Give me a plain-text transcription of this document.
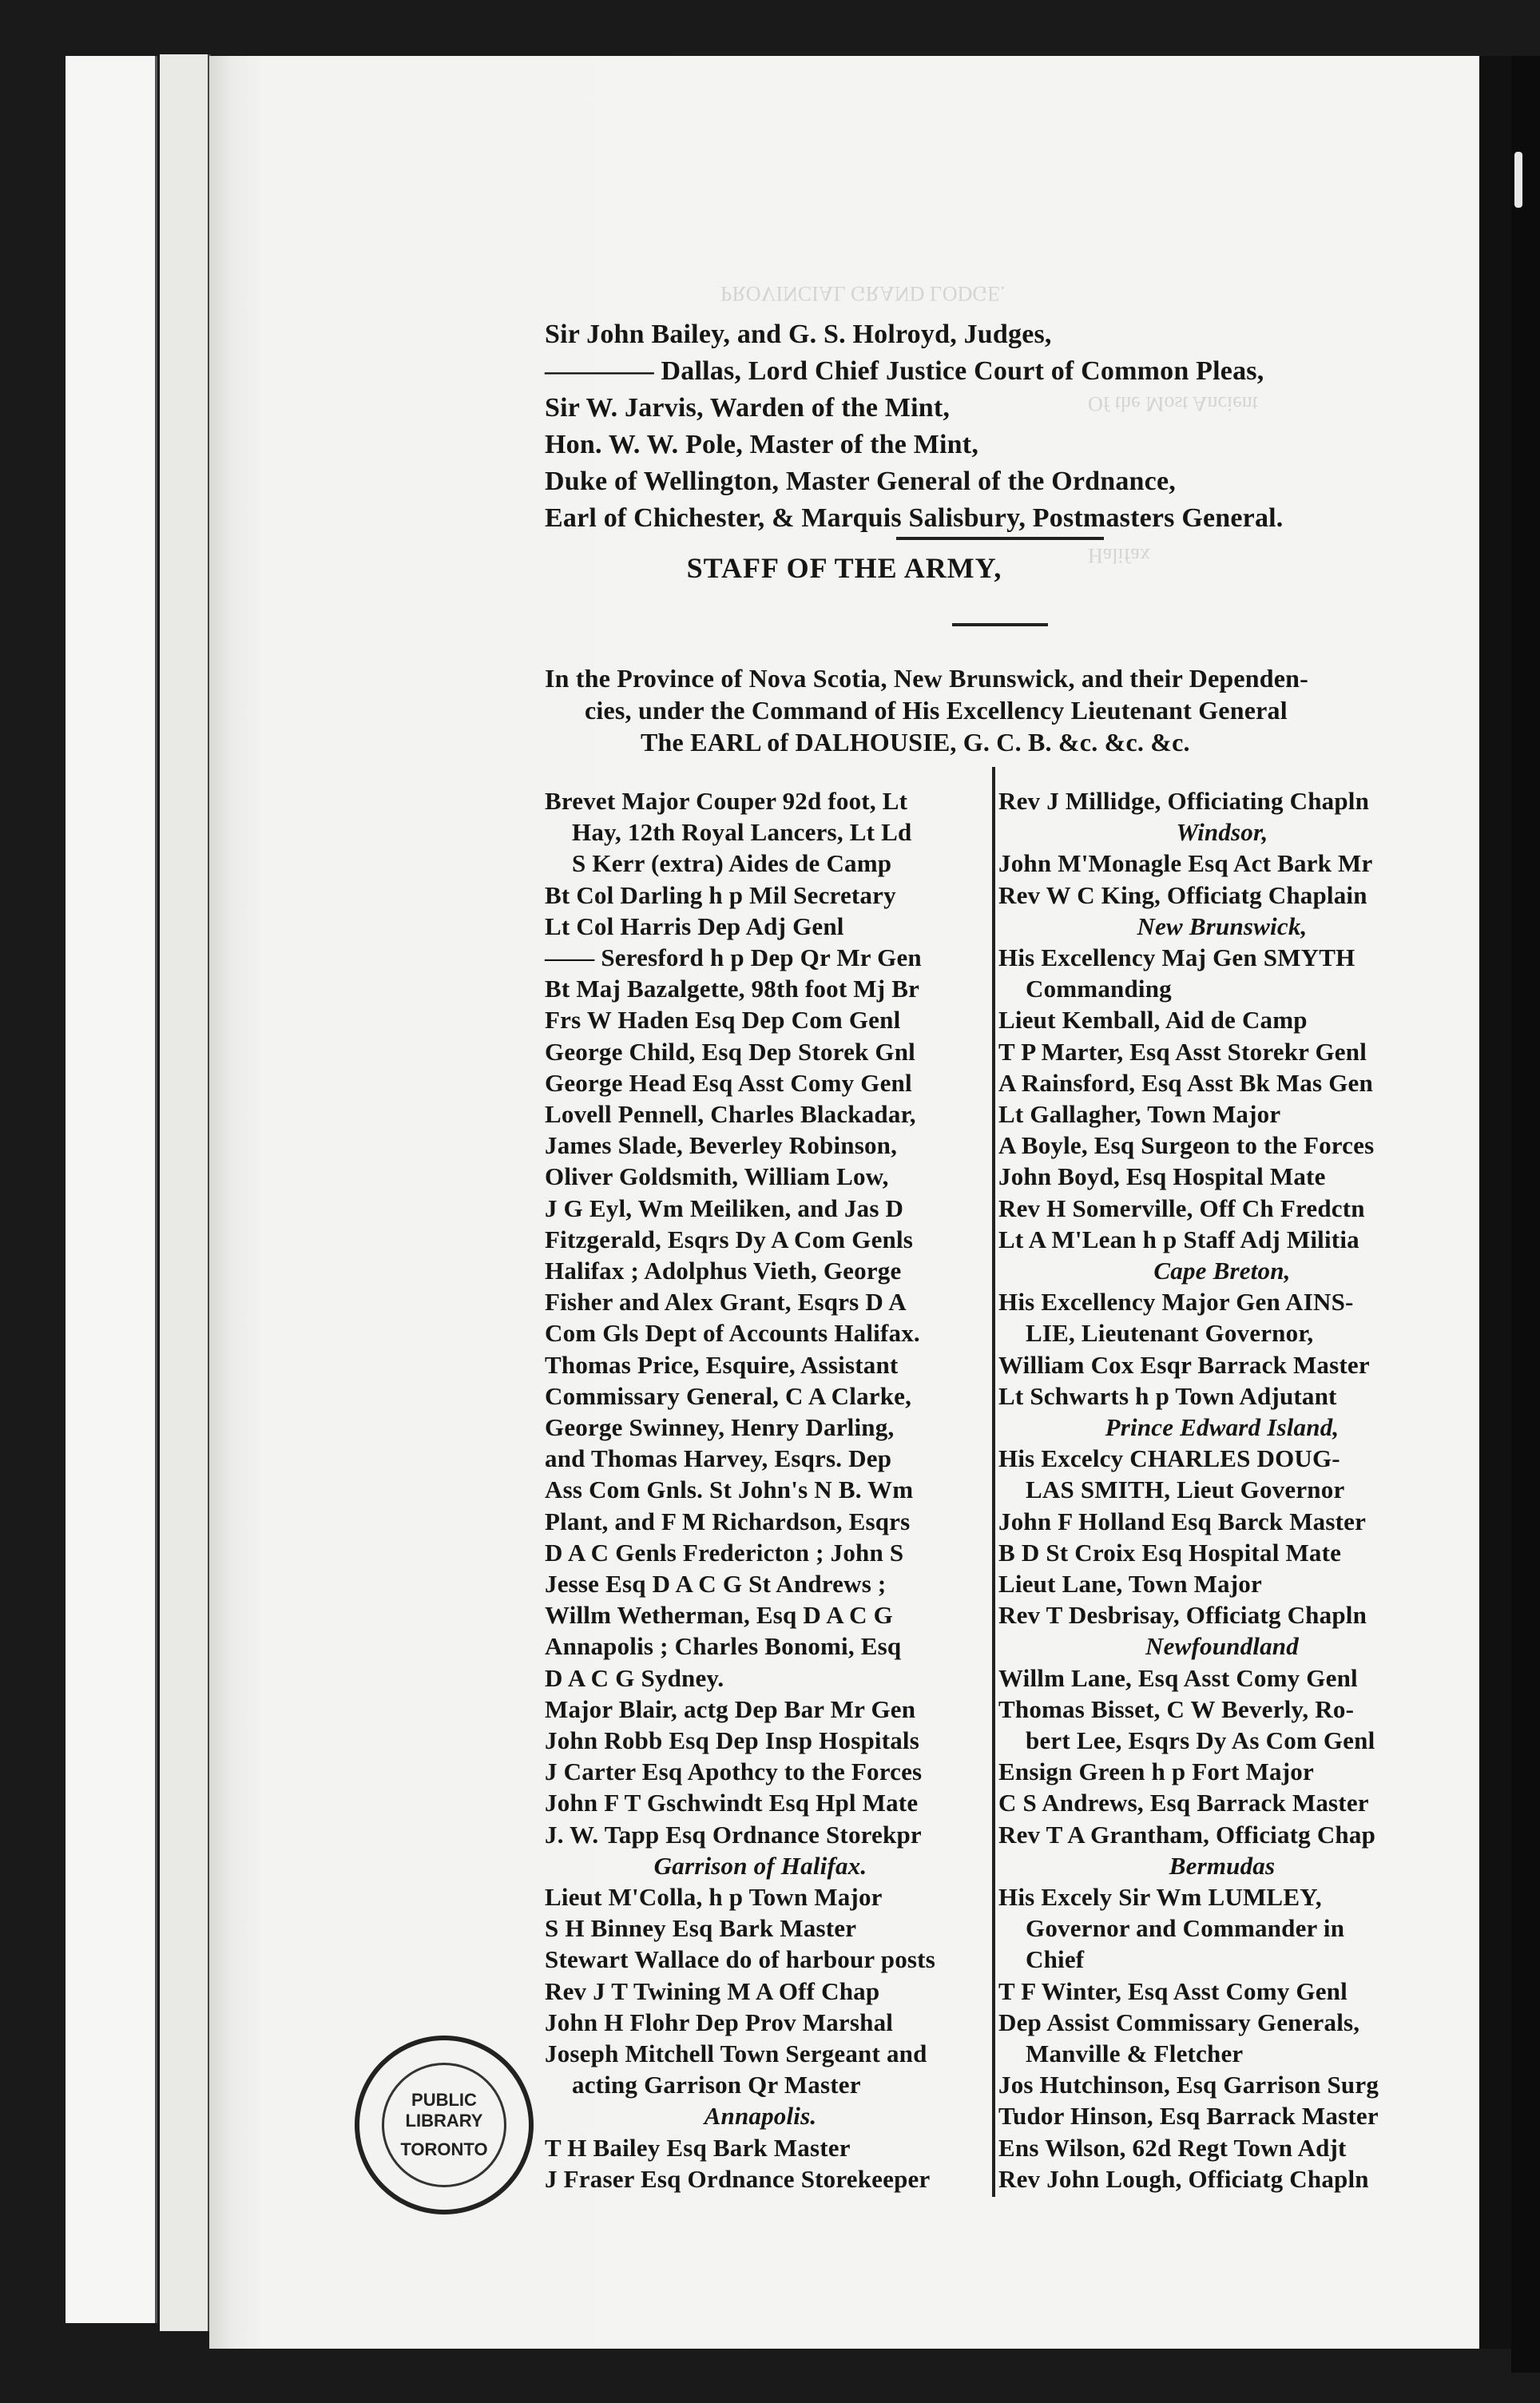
PROVINCIAL GRAND LODGE.
Of the Most Ancient
Halifax
Sir John Bailey, and G. S. Holroyd, Judges,
———— Dallas, Lord Chief Justice Court of Common Pleas,
Sir W. Jarvis, Warden of the Mint,
Hon. W. W. Pole, Master of the Mint,
Duke of Wellington, Master General of the Ordnance,
Earl of Chichester, & Marquis Salisbury, Postmasters General.
STAFF OF THE ARMY,
In the Province of Nova Scotia, New Brunswick, and their Dependen-
cies, under the Command of His Excellency Lieutenant General
The EARL of DALHOUSIE, G. C. B. &c. &c. &c.
Brevet Major Couper 92d foot, Lt
Hay, 12th Royal Lancers, Lt Ld
S Kerr (extra) Aides de Camp
Bt Col Darling h p Mil Secretary
Lt Col Harris Dep Adj Genl
—— Seresford h p Dep Qr Mr Gen
Bt Maj Bazalgette, 98th foot Mj Br
Frs W Haden Esq Dep Com Genl
George Child, Esq Dep Storek Gnl
George Head Esq Asst Comy Genl
Lovell Pennell, Charles Blackadar,
James Slade, Beverley Robinson,
Oliver Goldsmith, William Low,
J G Eyl, Wm Meiliken, and Jas D
Fitzgerald, Esqrs Dy A Com Genls
Halifax ; Adolphus Vieth, George
Fisher and Alex Grant, Esqrs D A
Com Gls Dept of Accounts Halifax.
Thomas Price, Esquire, Assistant
Commissary General, C A Clarke,
George Swinney, Henry Darling,
and Thomas Harvey, Esqrs. Dep
Ass Com Gnls. St John's N B. Wm
Plant, and F M Richardson, Esqrs
D A C Genls Fredericton ; John S
Jesse Esq D A C G St Andrews ;
Willm Wetherman, Esq D A C G
Annapolis ; Charles Bonomi, Esq
D A C G Sydney.
Major Blair, actg Dep Bar Mr Gen
John Robb Esq Dep Insp Hospitals
J Carter Esq Apothcy to the Forces
John F T Gschwindt Esq Hpl Mate
J. W. Tapp Esq Ordnance Storekpr
Garrison of Halifax.
Lieut M'Colla, h p Town Major
S H Binney Esq Bark Master
Stewart Wallace do of harbour posts
Rev J T Twining M A Off Chap
John H Flohr Dep Prov Marshal
Joseph Mitchell Town Sergeant and
acting Garrison Qr Master
Annapolis.
T H Bailey Esq Bark Master
J Fraser Esq Ordnance Storekeeper
Rev J Millidge, Officiating Chapln
Windsor,
John M'Monagle Esq Act Bark Mr
Rev W C King, Officiatg Chaplain
New Brunswick,
His Excellency Maj Gen SMYTH
Commanding
Lieut Kemball, Aid de Camp
T P Marter, Esq Asst Storekr Genl
A Rainsford, Esq Asst Bk Mas Gen
Lt Gallagher, Town Major
A Boyle, Esq Surgeon to the Forces
John Boyd, Esq Hospital Mate
Rev H Somerville, Off Ch Fredctn
Lt A M'Lean h p Staff Adj Militia
Cape Breton,
His Excellency Major Gen AINS-
LIE, Lieutenant Governor,
William Cox Esqr Barrack Master
Lt Schwarts h p Town Adjutant
Prince Edward Island,
His Excelcy CHARLES DOUG-
LAS SMITH, Lieut Governor
John F Holland Esq Barck Master
B D St Croix Esq Hospital Mate
Lieut Lane, Town Major
Rev T Desbrisay, Officiatg Chapln
Newfoundland
Willm Lane, Esq Asst Comy Genl
Thomas Bisset, C W Beverly, Ro-
bert Lee, Esqrs Dy As Com Genl
Ensign Green h p Fort Major
C S Andrews, Esq Barrack Master
Rev T A Grantham, Officiatg Chap
Bermudas
His Excely Sir Wm LUMLEY,
Governor and Commander in
Chief
T F Winter, Esq Asst Comy Genl
Dep Assist Commissary Generals,
Manville & Fletcher
Jos Hutchinson, Esq Garrison Surg
Tudor Hinson, Esq Barrack Master
Ens Wilson, 62d Regt Town Adjt
Rev John Lough, Officiatg Chapln
PUBLIC LIBRARY
TORONTO
